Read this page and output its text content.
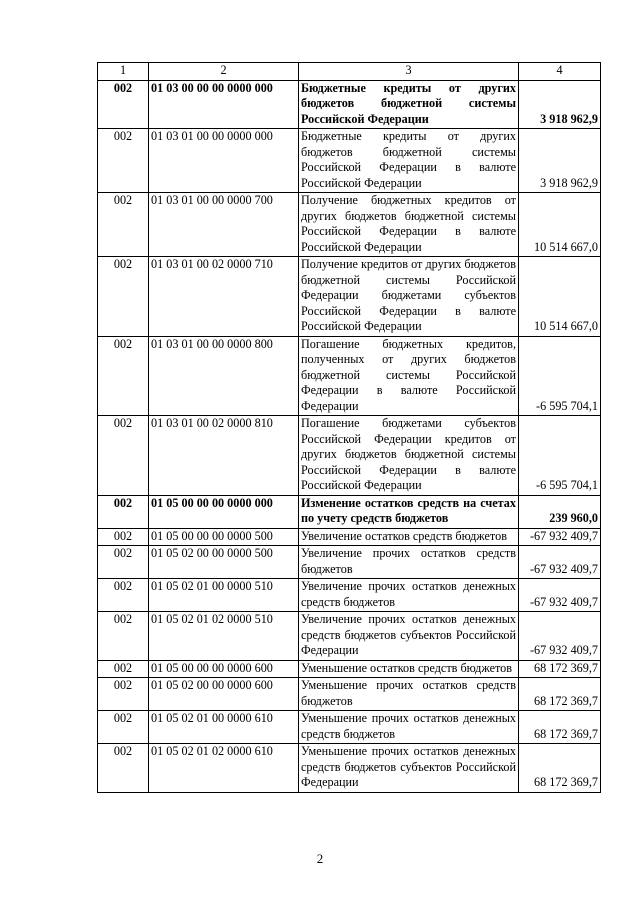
1	2	3	4
002	01 03 00 00 00 0000 000	Бюджетные кредиты от других бюджетов бюджетной системы Российской Федерации	3 918 962,9
002	01 03 01 00 00 0000 000	Бюджетные кредиты от других бюджетов бюджетной системы Российской Федерации в валюте Российской Федерации	3 918 962,9
002	01 03 01 00 00 0000 700	Получение бюджетных кредитов от других бюджетов бюджетной системы Российской Федерации в валюте Российской Федерации	10 514 667,0
002	01 03 01 00 02 0000 710	Получение кредитов от других бюджетов бюджетной системы Российской Федерации бюджетами субъектов Российской Федерации в валюте Российской Федерации	10 514 667,0
002	01 03 01 00 00 0000 800	Погашение бюджетных кредитов, полученных от других бюджетов бюджетной системы Российской Федерации в валюте Российской Федерации	-6 595 704,1
002	01 03 01 00 02 0000 810	Погашение бюджетами субъектов Российской Федерации кредитов от других бюджетов бюджетной системы Российской Федерации в валюте Российской Федерации	-6 595 704,1
002	01 05 00 00 00 0000 000	Изменение остатков средств на счетах по учету средств бюджетов	239 960,0
002	01 05 00 00 00 0000 500	Увеличение остатков средств бюджетов	-67 932 409,7
002	01 05 02 00 00 0000 500	Увеличение прочих остатков средств бюджетов	-67 932 409,7
002	01 05 02 01 00 0000 510	Увеличение прочих остатков денежных средств бюджетов	-67 932 409,7
002	01 05 02 01 02 0000 510	Увеличение прочих остатков денежных средств бюджетов субъектов Российской Федерации	-67 932 409,7
002	01 05 00 00 00 0000 600	Уменьшение остатков средств бюджетов	68 172 369,7
002	01 05 02 00 00 0000 600	Уменьшение прочих остатков средств бюджетов	68 172 369,7
002	01 05 02 01 00 0000 610	Уменьшение прочих остатков денежных средств бюджетов	68 172 369,7
002	01 05 02 01 02 0000 610	Уменьшение прочих остатков денежных средств бюджетов субъектов Российской Федерации	68 172 369,7
2
